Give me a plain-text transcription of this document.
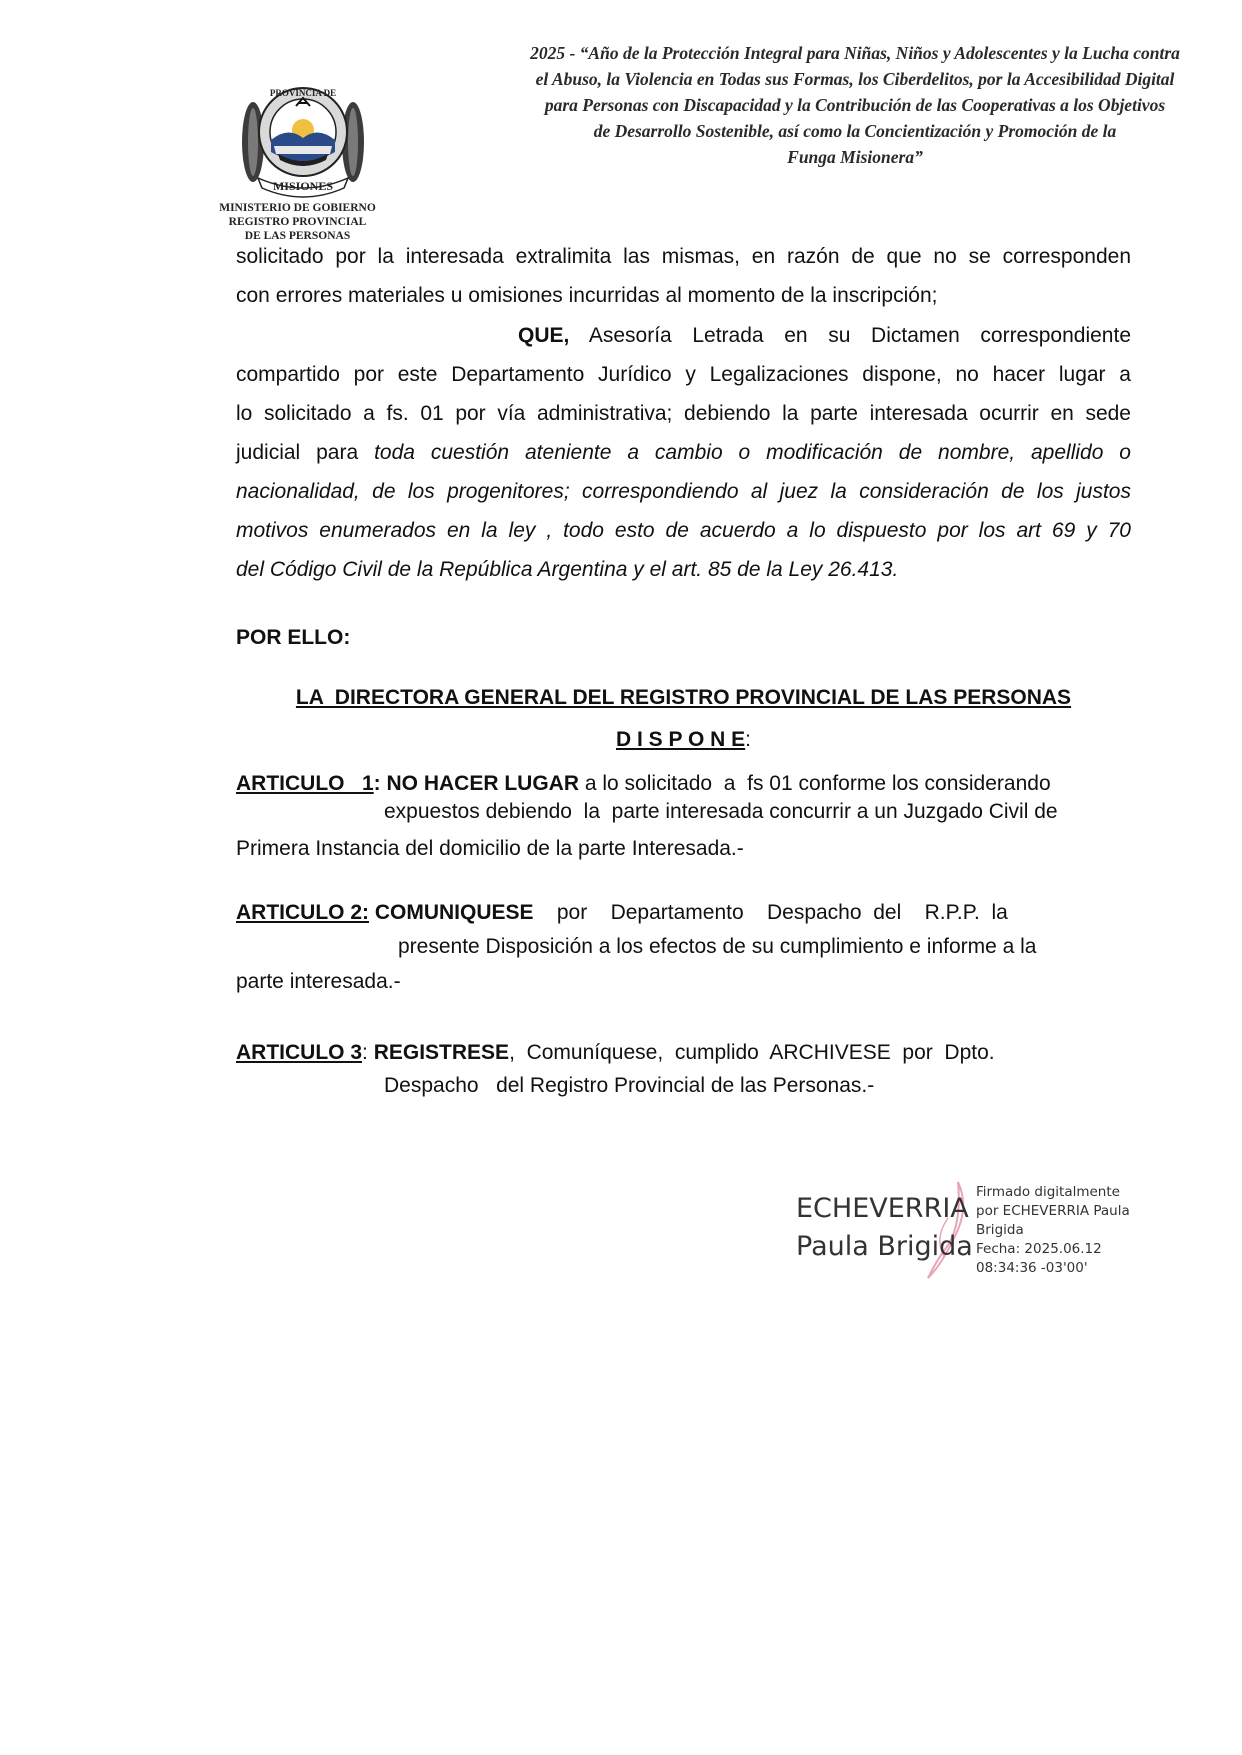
2025 - “Año de la Protección Integral para Niñas, Niños y Adolescentes y la Lucha contra
el Abuso, la Violencia en Todas sus Formas, los Ciberdelitos, por la Accesibilidad Digital
para Personas con Discapacidad y la Contribución de las Cooperativas a los Objetivos
de Desarrollo Sostenible, así como la Concientización y Promoción de la
Funga Misionera”
MISIONES
PROVINCIA DE
MINISTERIO DE GOBIERNO
REGISTRO PROVINCIAL
DE LAS PERSONAS
solicitado por la interesada extralimita las mismas, en razón de que no se corresponden
con errores materiales u omisiones incurridas al momento de la inscripción;
QUE, Asesoría Letrada en su Dictamen correspondiente
compartido por este Departamento Jurídico y Legalizaciones dispone, no hacer lugar a
lo solicitado a fs. 01 por vía administrativa; debiendo la parte interesada ocurrir en sede
judicial para toda cuestión ateniente a cambio o modificación de nombre, apellido o
nacionalidad, de los progenitores; correspondiendo al juez la consideración de los justos
motivos enumerados en la ley , todo esto de acuerdo a lo dispuesto por los art 69 y 70
del Código Civil de la República Argentina y el art. 85 de la Ley 26.413.
POR ELLO:
LA  DIRECTORA GENERAL DEL REGISTRO PROVINCIAL DE LAS PERSONAS
D I S P O N E:
ARTICULO   1: NO HACER LUGAR a lo solicitado  a  fs 01 conforme los considerando
expuestos debiendo  la  parte interesada concurrir a un Juzgado Civil de
Primera Instancia del domicilio de la parte Interesada.-
ARTICULO 2: COMUNIQUESE por    Departamento    Despacho  del    R.P.P.  la
presente Disposición a los efectos de su cumplimiento e informe a la
parte interesada.-
ARTICULO 3: REGISTRESE,  Comuníquese,  cumplido  ARCHIVESE  por  Dpto.
Despacho   del Registro Provincial de las Personas.-
ECHEVERRIA
Paula Brigida
Firmado digitalmente
por ECHEVERRIA Paula
Brigida
Fecha: 2025.06.12
08:34:36 -03'00'
